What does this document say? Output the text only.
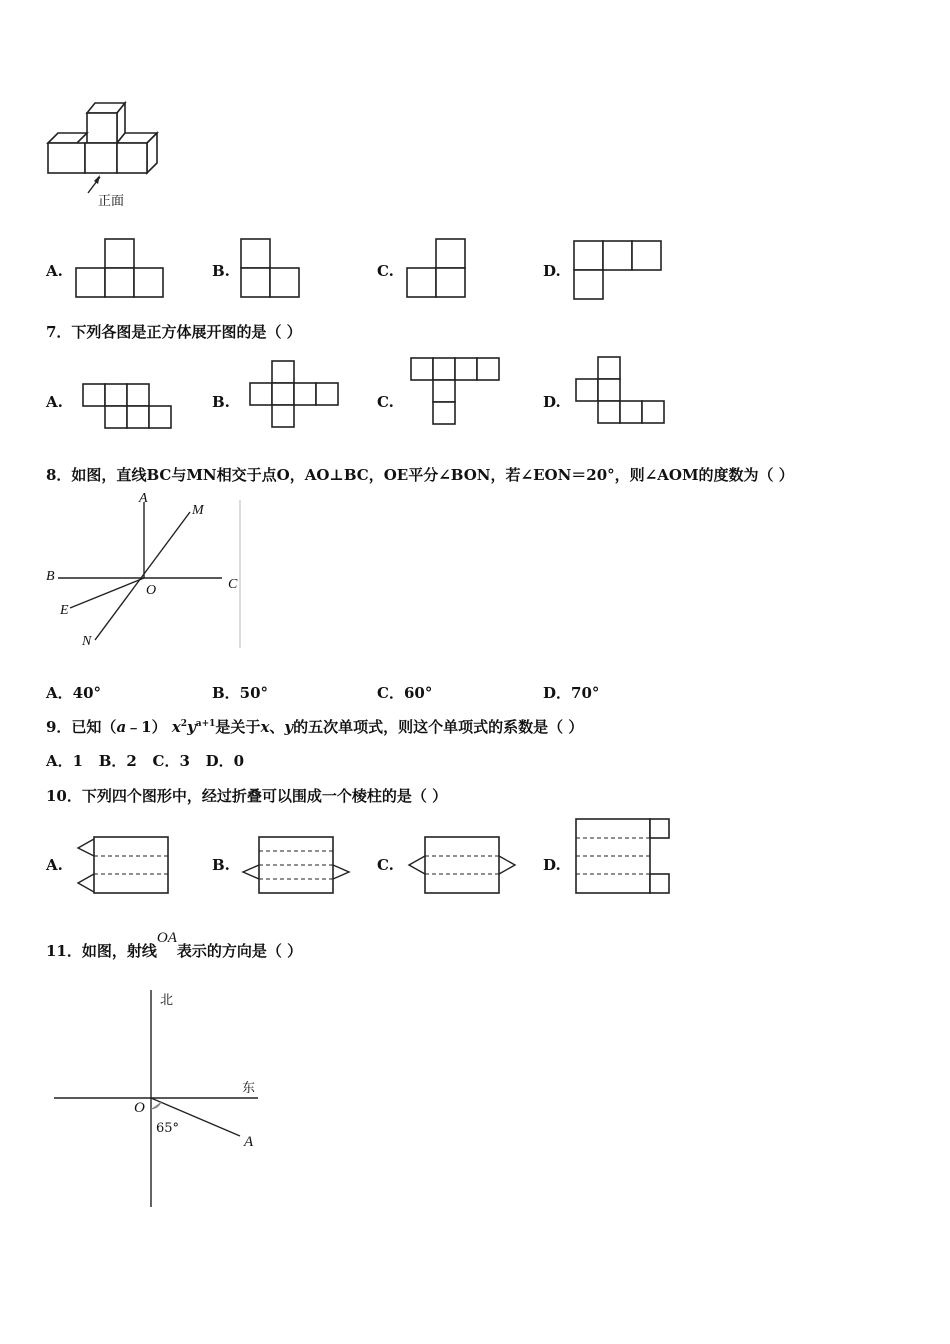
正面
A.	B.	C.	D.
7．下列各图是正方体展开图的是（ ）
A.	B.	C.	D.
8．如图，直线BC与MN相交于点O，AO⊥BC，OE平分∠BON，若∠EON＝20°，则∠AOM的度数为（ ）
A
M
B
O	C
E
N
A．40°	B．50°	C．60°	D．70°
9．已知（a﹣1） $x^2y^{a+1}$是关于x、y的五次单项式，则这个单项式的系数是（ ）
A．1   B．2   C．3   D．0
10．下列四个图形中，经过折叠可以围成一个棱柱的是（ ）
A.	B.	C.	D.
11．如图，射线OA表示的方向是（ ）
北
东
O
65°
A
